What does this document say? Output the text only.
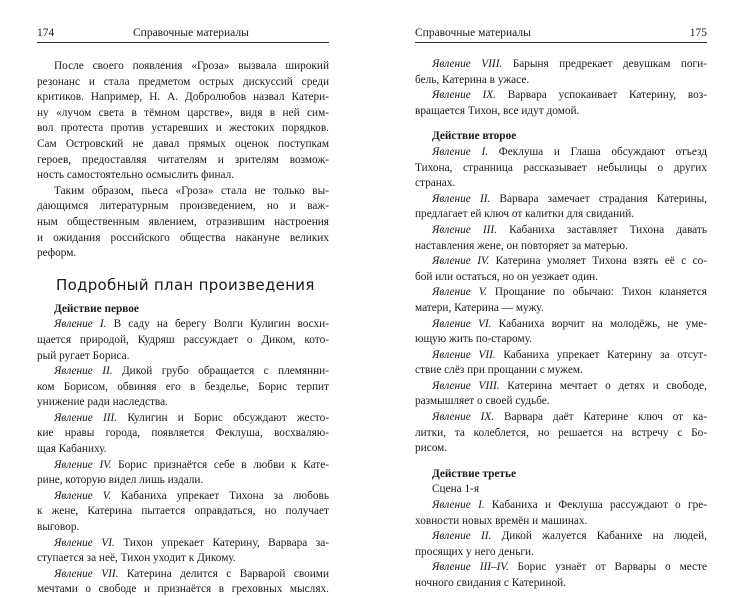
174	Справочные материалы
После своего появления «Гроза» вызвала широкий
резонанс и стала предметом острых дискуссий среди
критиков. Например, Н. А. Добролюбов назвал Катери-
ну «лучом света в тёмном царстве», видя в ней сим-
вол протеста против устаревших и жестоких порядков.
Сам Островский не давал прямых оценок поступкам
героев, предоставляя читателям и зрителям возмож-
ность самостоятельно осмыслить финал.
Таким образом, пьеса «Гроза» стала не только вы-
дающимся литературным произведением, но и важ-
ным общественным явлением, отразившим настроения
и ожидания российского общества накануне великих
реформ.
Подробный план произведения
Действие первое
Явление I. В саду на берегу Волги Кулигин восхи-
щается природой, Кудряш рассуждает о Диком, кото-
рый ругает Бориса.
Явление II. Дикой грубо обращается с племянни-
ком Борисом, обвиняя его в безделье, Борис терпит
унижение ради наследства.
Явление III. Кулигин и Борис обсуждают жесто-
кие нравы города, появляется Феклуша, восхваляю-
щая Кабаниху.
Явление IV. Борис признаётся себе в любви к Кате-
рине, которую видел лишь издали.
Явление V. Кабаниха упрекает Тихона за любовь
к жене, Катерина пытается оправдаться, но получает
выговор.
Явление VI. Тихон упрекает Катерину, Варвара за-
ступается за неё, Тихон уходит к Дикому.
Явление VII. Катерина делится с Варварой своими
мечтами о свободе и признаётся в греховных мыслях.
Справочные материалы	175
Явление VIII. Барыня предрекает девушкам поги-
бель, Катерина в ужасе.
Явление IX. Варвара успокаивает Катерину, воз-
вращается Тихон, все идут домой.
Действие второе
Явление I. Феклуша и Глаша обсуждают отъезд
Тихона, странница рассказывает небылицы о других
странах.
Явление II. Варвара замечает страдания Катерины,
предлагает ей ключ от калитки для свиданий.
Явление III. Кабаниха заставляет Тихона давать
наставления жене, он повторяет за матерью.
Явление IV. Катерина умоляет Тихона взять её с со-
бой или остаться, но он уезжает один.
Явление V. Прощание по обычаю: Тихон кланяется
матери, Катерина — мужу.
Явление VI. Кабаниха ворчит на молодёжь, не уме-
ющую жить по-старому.
Явление VII. Кабаниха упрекает Катерину за отсут-
ствие слёз при прощании с мужем.
Явление VIII. Катерина мечтает о детях и свободе,
размышляет о своей судьбе.
Явление IX. Варвара даёт Катерине ключ от ка-
литки, та колеблется, но решается на встречу с Бо-
рисом.
Действие третье
Сцена 1-я
Явление I. Кабаниха и Феклуша рассуждают о гре-
ховности новых времён и машинах.
Явление II. Дикой жалуется Кабанихе на людей,
просящих у него деньги.
Явление III–IV. Борис узнаёт от Варвары о месте
ночного свидания с Катериной.
